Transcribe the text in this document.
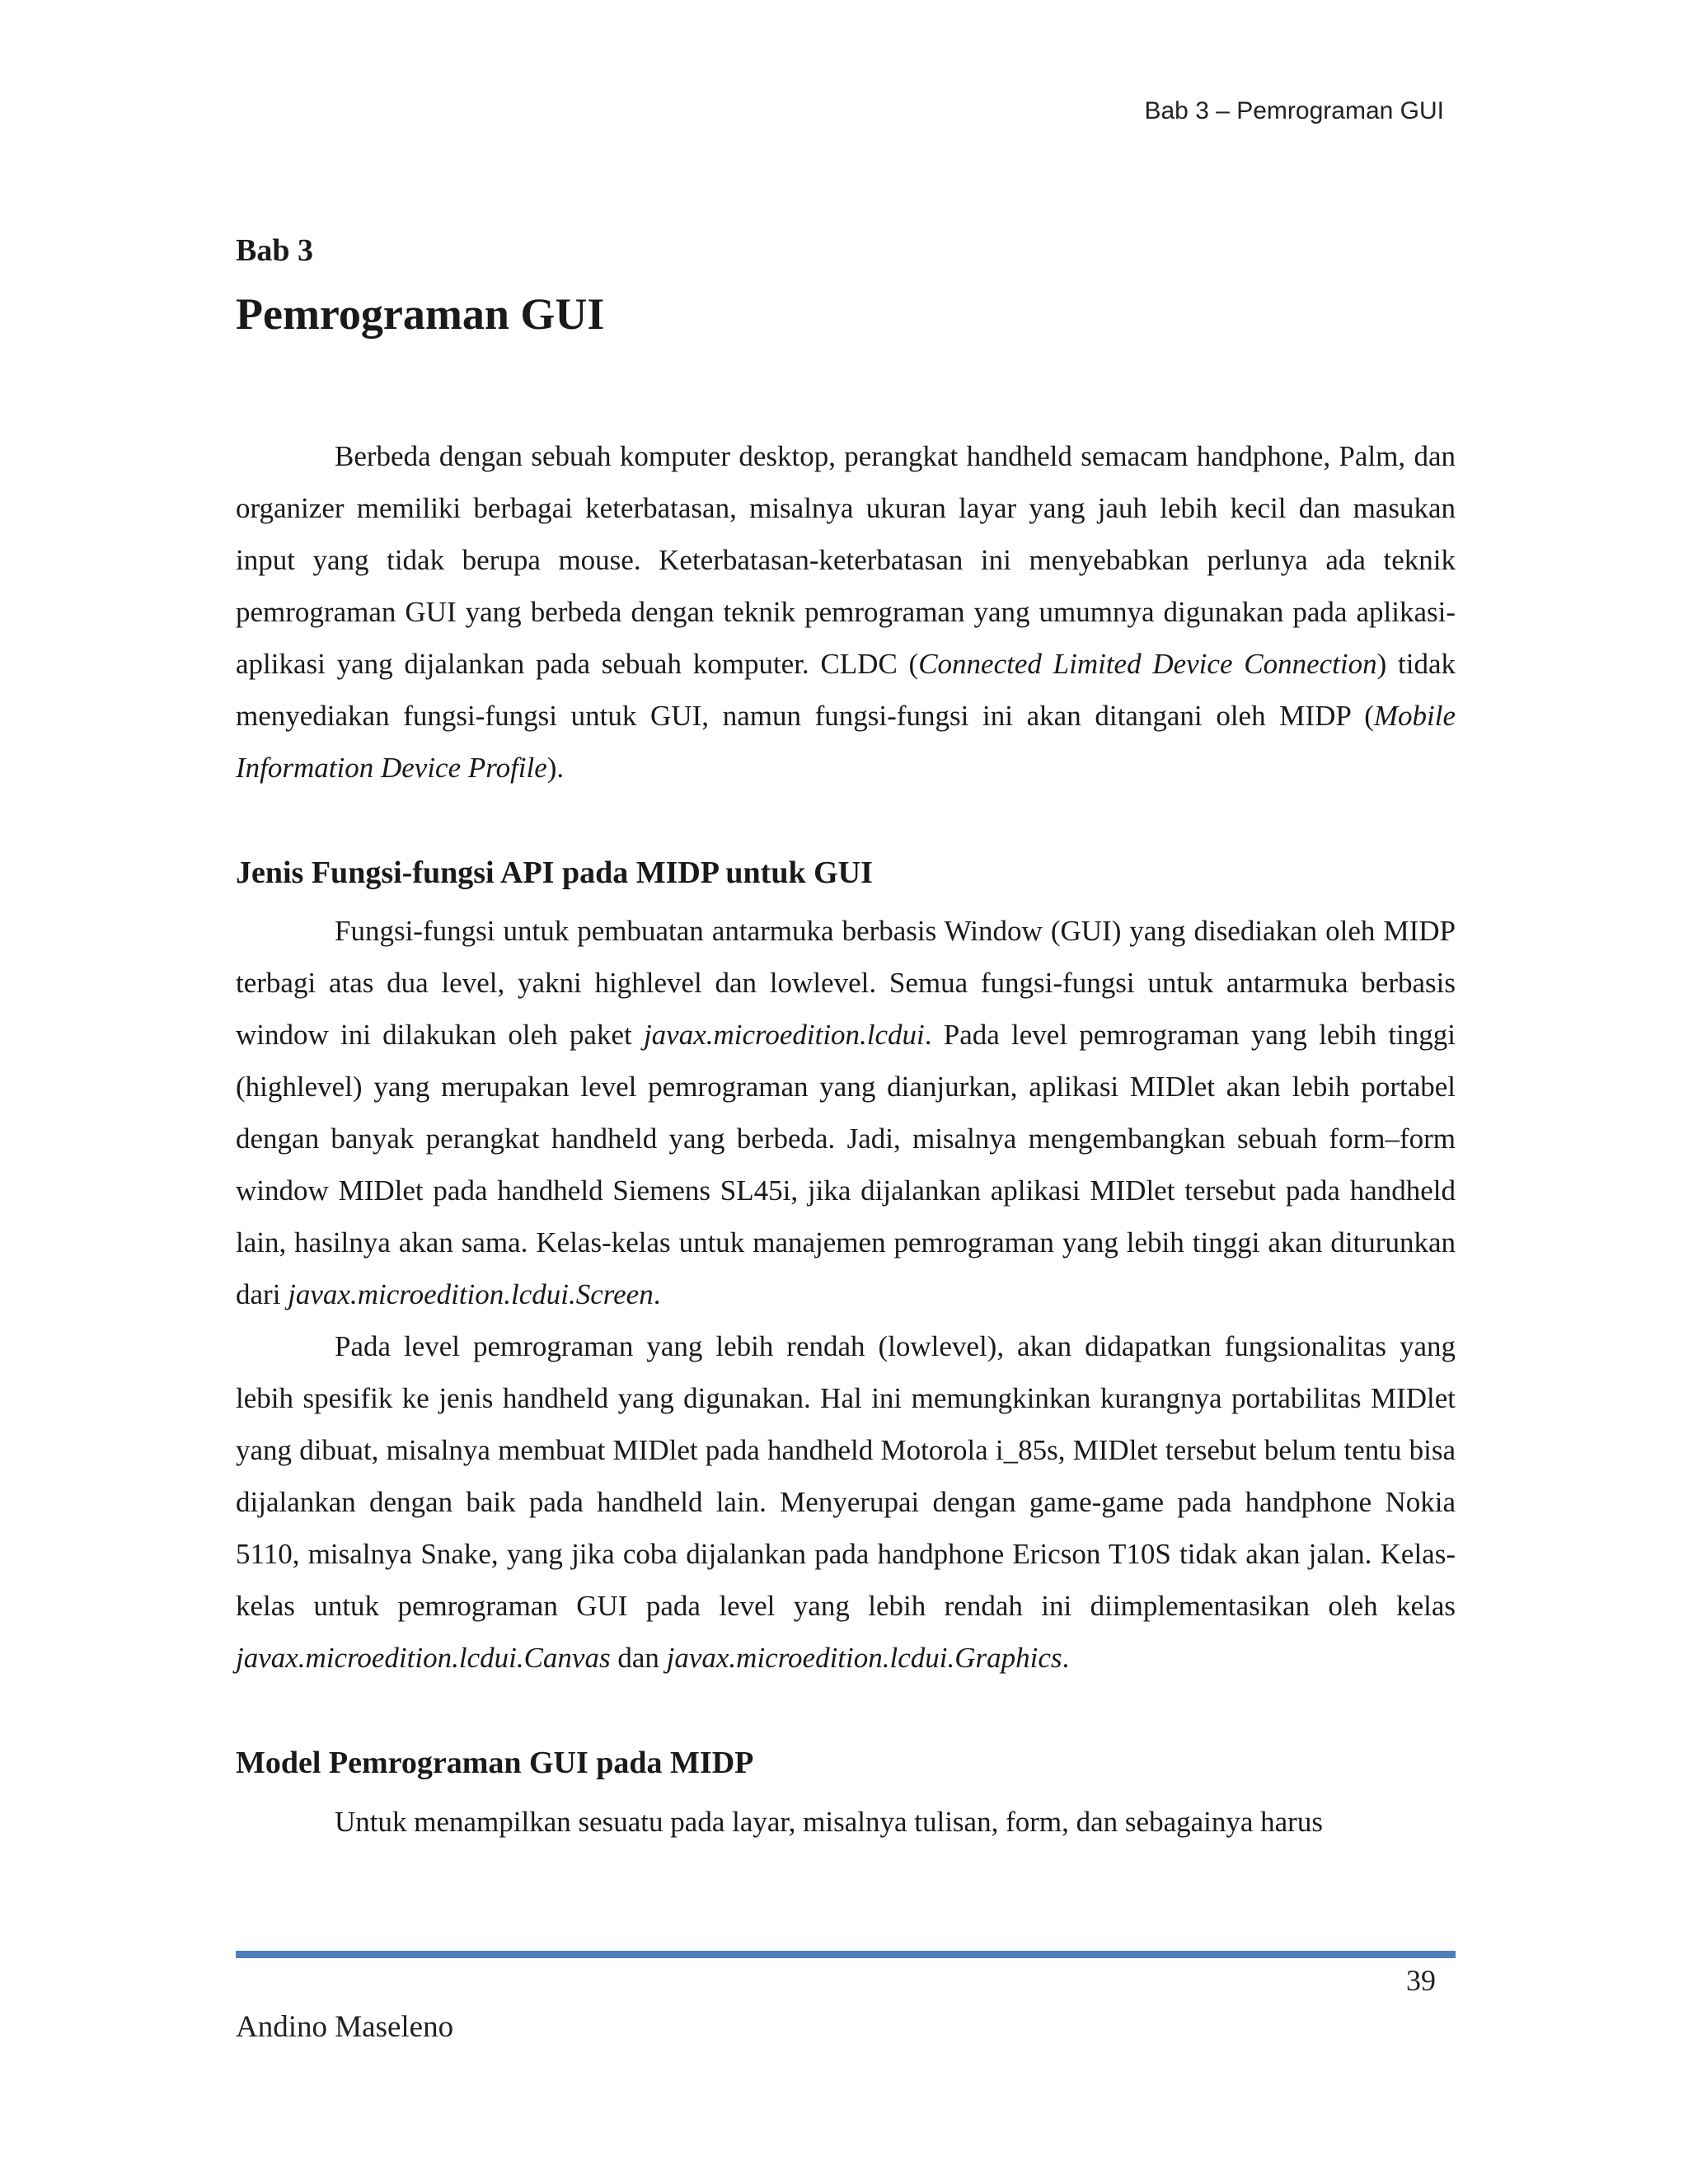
Bab 3 – Pemrograman GUI
Bab 3
Pemrograman GUI

Berbeda dengan sebuah komputer desktop, perangkat handheld semacam handphone, Palm, dan organizer memiliki berbagai keterbatasan, misalnya ukuran layar yang jauh lebih kecil dan masukan input yang tidak berupa mouse. Keterbatasan-keterbatasan ini menyebabkan perlunya ada teknik pemrograman GUI yang berbeda dengan teknik pemrograman yang umumnya digunakan pada aplikasi-aplikasi yang dijalankan pada sebuah komputer. CLDC (Connected Limited Device Connection) tidak menyediakan fungsi-fungsi untuk GUI, namun fungsi-fungsi ini akan ditangani oleh MIDP (Mobile Information Device Profile).

Jenis Fungsi-fungsi API pada MIDP untuk GUI

Fungsi-fungsi untuk pembuatan antarmuka berbasis Window (GUI) yang disediakan oleh MIDP terbagi atas dua level, yakni highlevel dan lowlevel. Semua fungsi-fungsi untuk antarmuka berbasis window ini dilakukan oleh paket javax.microedition.lcdui. Pada level pemrograman yang lebih tinggi (highlevel) yang merupakan level pemrograman yang dianjurkan, aplikasi MIDlet akan lebih portabel dengan banyak perangkat handheld yang berbeda. Jadi, misalnya mengembangkan sebuah form–form window MIDlet pada handheld Siemens SL45i, jika dijalankan aplikasi MIDlet tersebut pada handheld lain, hasilnya akan sama. Kelas-kelas untuk manajemen pemrograman yang lebih tinggi akan diturunkan dari javax.microedition.lcdui.Screen.

Pada level pemrograman yang lebih rendah (lowlevel), akan didapatkan fungsionalitas yang lebih spesifik ke jenis handheld yang digunakan. Hal ini memungkinkan kurangnya portabilitas MIDlet yang dibuat, misalnya membuat MIDlet pada handheld Motorola i_85s, MIDlet tersebut belum tentu bisa dijalankan dengan baik pada handheld lain. Menyerupai dengan game-game pada handphone Nokia 5110, misalnya Snake, yang jika coba dijalankan pada handphone Ericson T10S tidak akan jalan. Kelas-kelas untuk pemrograman GUI pada level yang lebih rendah ini diimplementasikan oleh kelas javax.microedition.lcdui.Canvas dan javax.microedition.lcdui.Graphics.

Model Pemrograman GUI pada MIDP

Untuk menampilkan sesuatu pada layar, misalnya tulisan, form, dan sebagainya harus

39
Andino Maseleno
